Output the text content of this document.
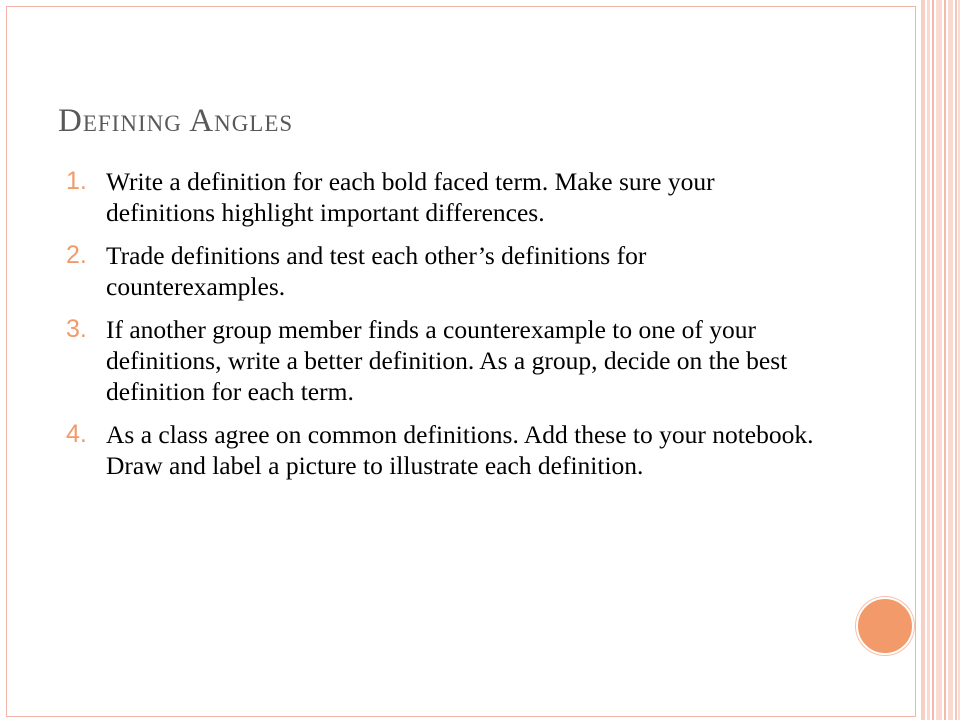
Defining Angles
1. Write a definition for each bold faced term. Make sure your definitions highlight important differences.
2. Trade definitions and test each other’s definitions for counterexamples.
3. If another group member finds a counterexample to one of your definitions, write a better definition. As a group, decide on the best definition for each term.
4. As a class agree on common definitions. Add these to your notebook. Draw and label a picture to illustrate each definition.
